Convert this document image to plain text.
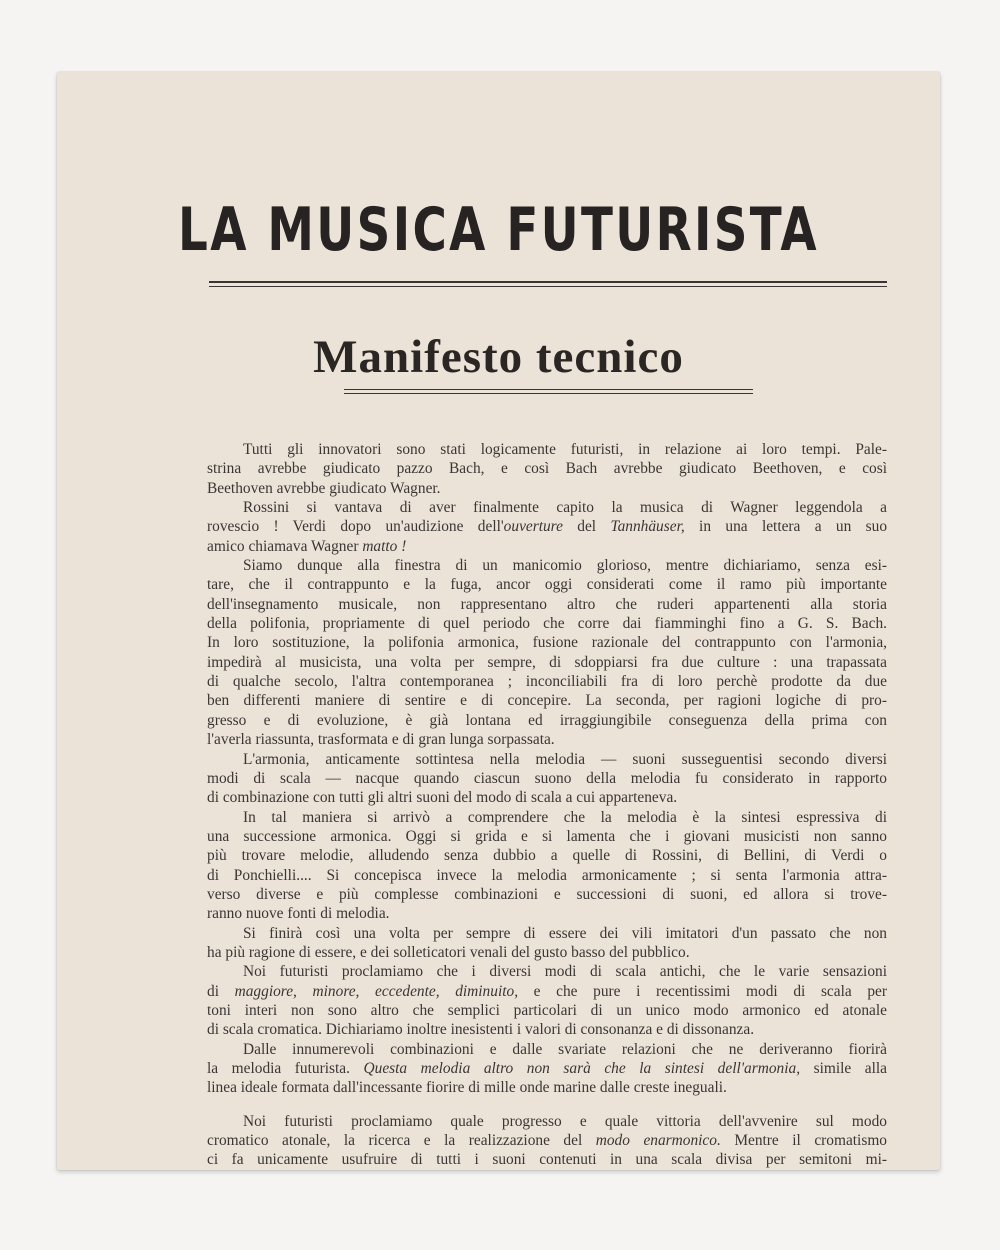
LA MUSICA FUTURISTA
Manifesto tecnico
Tutti gli innovatori sono stati logicamente futuristi, in relazione ai loro tempi. Pale-
strina avrebbe giudicato pazzo Bach, e così Bach avrebbe giudicato Beethoven, e così
Beethoven avrebbe giudicato Wagner.
Rossini si vantava di aver finalmente capito la musica di Wagner leggendola a
rovescio ! Verdi dopo un'audizione dell'ouverture del Tannhäuser, in una lettera a un suo
amico chiamava Wagner matto !
Siamo dunque alla finestra di un manicomio glorioso, mentre dichiariamo, senza esi-
tare, che il contrappunto e la fuga, ancor oggi considerati come il ramo più importante
dell'insegnamento musicale, non rappresentano altro che ruderi appartenenti alla storia
della polifonia, propriamente di quel periodo che corre dai fiamminghi fino a G. S. Bach.
In loro sostituzione, la polifonia armonica, fusione razionale del contrappunto con l'armonia,
impedirà al musicista, una volta per sempre, di sdoppiarsi fra due culture : una trapassata
di qualche secolo, l'altra contemporanea ; inconciliabili fra di loro perchè prodotte da due
ben differenti maniere di sentire e di concepire. La seconda, per ragioni logiche di pro-
gresso e di evoluzione, è già lontana ed irraggiungibile conseguenza della prima con
l'averla riassunta, trasformata e di gran lunga sorpassata.
L'armonia, anticamente sottintesa nella melodia — suoni susseguentisi secondo diversi
modi di scala — nacque quando ciascun suono della melodia fu considerato in rapporto
di combinazione con tutti gli altri suoni del modo di scala a cui apparteneva.
In tal maniera si arrivò a comprendere che la melodia è la sintesi espressiva di
una successione armonica. Oggi si grida e si lamenta che i giovani musicisti non sanno
più trovare melodie, alludendo senza dubbio a quelle di Rossini, di Bellini, di Verdi o
di Ponchielli.... Si concepisca invece la melodia armonicamente ; si senta l'armonia attra-
verso diverse e più complesse combinazioni e successioni di suoni, ed allora si trove-
ranno nuove fonti di melodia.
Si finirà così una volta per sempre di essere dei vili imitatori d'un passato che non
ha più ragione di essere, e dei solleticatori venali del gusto basso del pubblico.
Noi futuristi proclamiamo che i diversi modi di scala antichi, che le varie sensazioni
di maggiore, minore, eccedente, diminuito, e che pure i recentissimi modi di scala per
toni interi non sono altro che semplici particolari di un unico modo armonico ed atonale
di scala cromatica. Dichiariamo inoltre inesistenti i valori di consonanza e di dissonanza.
Dalle innumerevoli combinazioni e dalle svariate relazioni che ne deriveranno fiorirà
la melodia futurista. Questa melodia altro non sarà che la sintesi dell'armonia, simile alla
linea ideale formata dall'incessante fiorire di mille onde marine dalle creste ineguali.
Noi futuristi proclamiamo quale progresso e quale vittoria dell'avvenire sul modo
cromatico atonale, la ricerca e la realizzazione del modo enarmonico. Mentre il cromatismo
ci fa unicamente usufruire di tutti i suoni contenuti in una scala divisa per semitoni mi-
